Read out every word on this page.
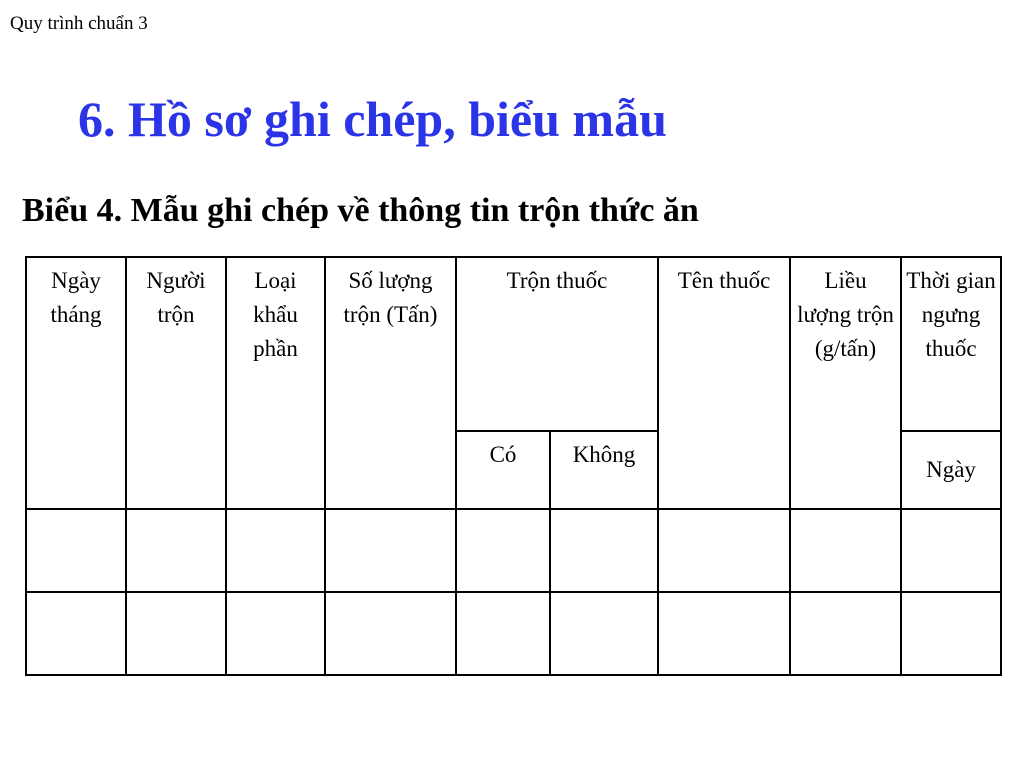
Quy trình chuẩn 3
6. Hồ sơ ghi chép, biểu mẫu
Biểu 4. Mẫu ghi chép về thông tin trộn thức ăn
Ngày tháng	Người trộn	Loại khẩu phần	Số lượng trộn (Tấn)	Trộn thuốc		Tên thuốc	Liều lượng trộn (g/tấn)	Thời gian ngưng thuốc
				Có	Không			Ngày
